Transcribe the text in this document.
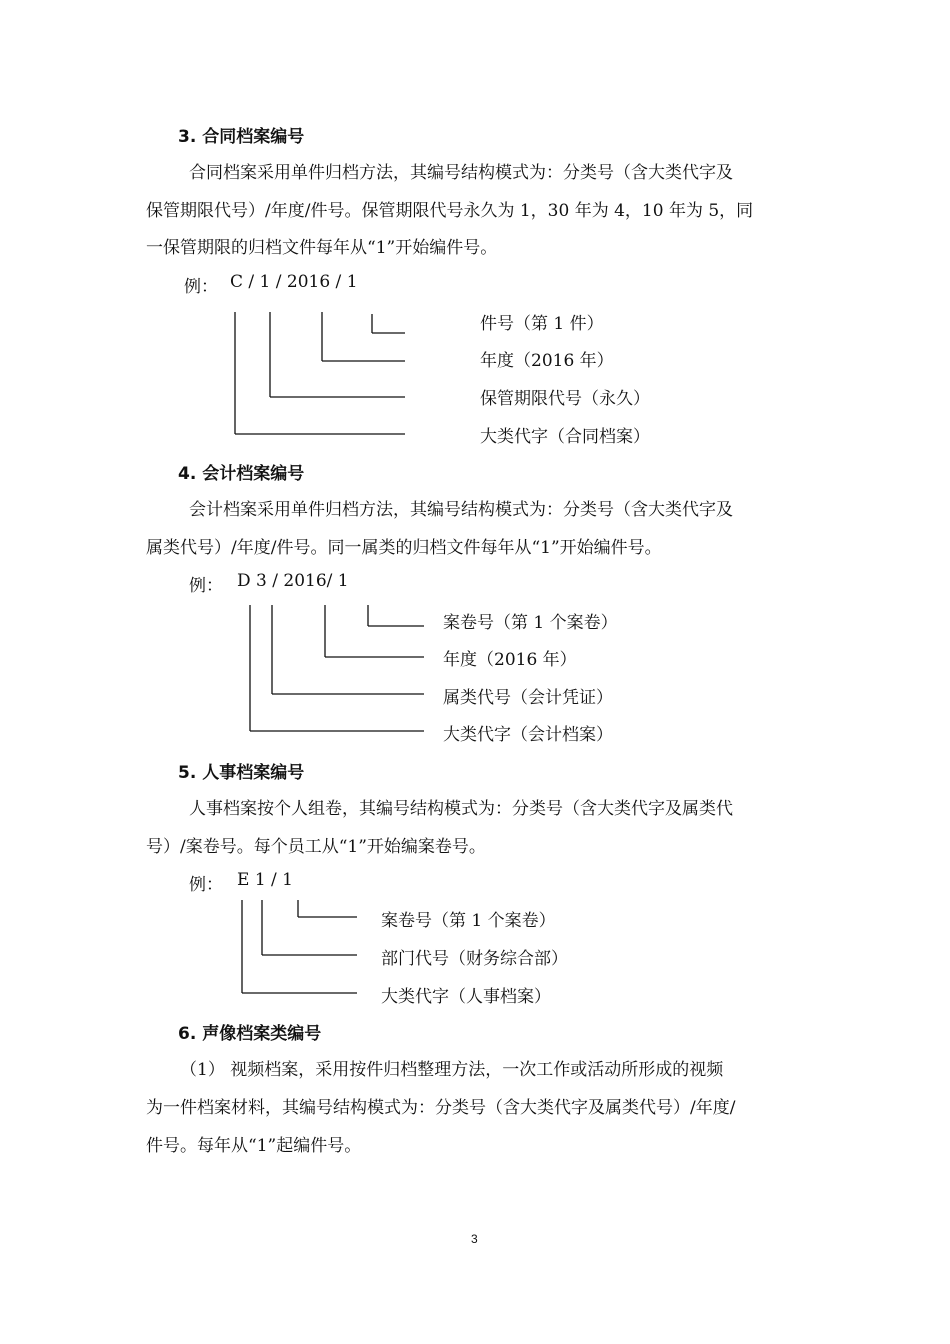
3. 合同档案编号
合同档案采用单件归档方法，其编号结构模式为：分类号（含大类代字及
保管期限代号）/年度/件号。保管期限代号永久为 1，30 年为 4，10 年为 5，同
一保管期限的归档文件每年从“1”开始编件号。
例： C / 1 / 2016 / 1
件号（第 1 件）
年度（2016 年）
保管期限代号（永久）
大类代字（合同档案）
4. 会计档案编号
会计档案采用单件归档方法，其编号结构模式为：分类号（含大类代字及
属类代号）/年度/件号。同一属类的归档文件每年从“1”开始编件号。
例： D 3 / 2016/ 1
案卷号（第 1 个案卷）
年度（2016 年）
属类代号（会计凭证）
大类代字（会计档案）
5. 人事档案编号
人事档案按个人组卷，其编号结构模式为：分类号（含大类代字及属类代
号）/案卷号。每个员工从“1”开始编案卷号。
例： E 1 / 1
案卷号（第 1 个案卷）
部门代号（财务综合部）
大类代字（人事档案）
6. 声像档案类编号
（1） 视频档案，采用按件归档整理方法，一次工作或活动所形成的视频
为一件档案材料，其编号结构模式为：分类号（含大类代字及属类代号）/年度/
件号。每年从“1”起编件号。
3
